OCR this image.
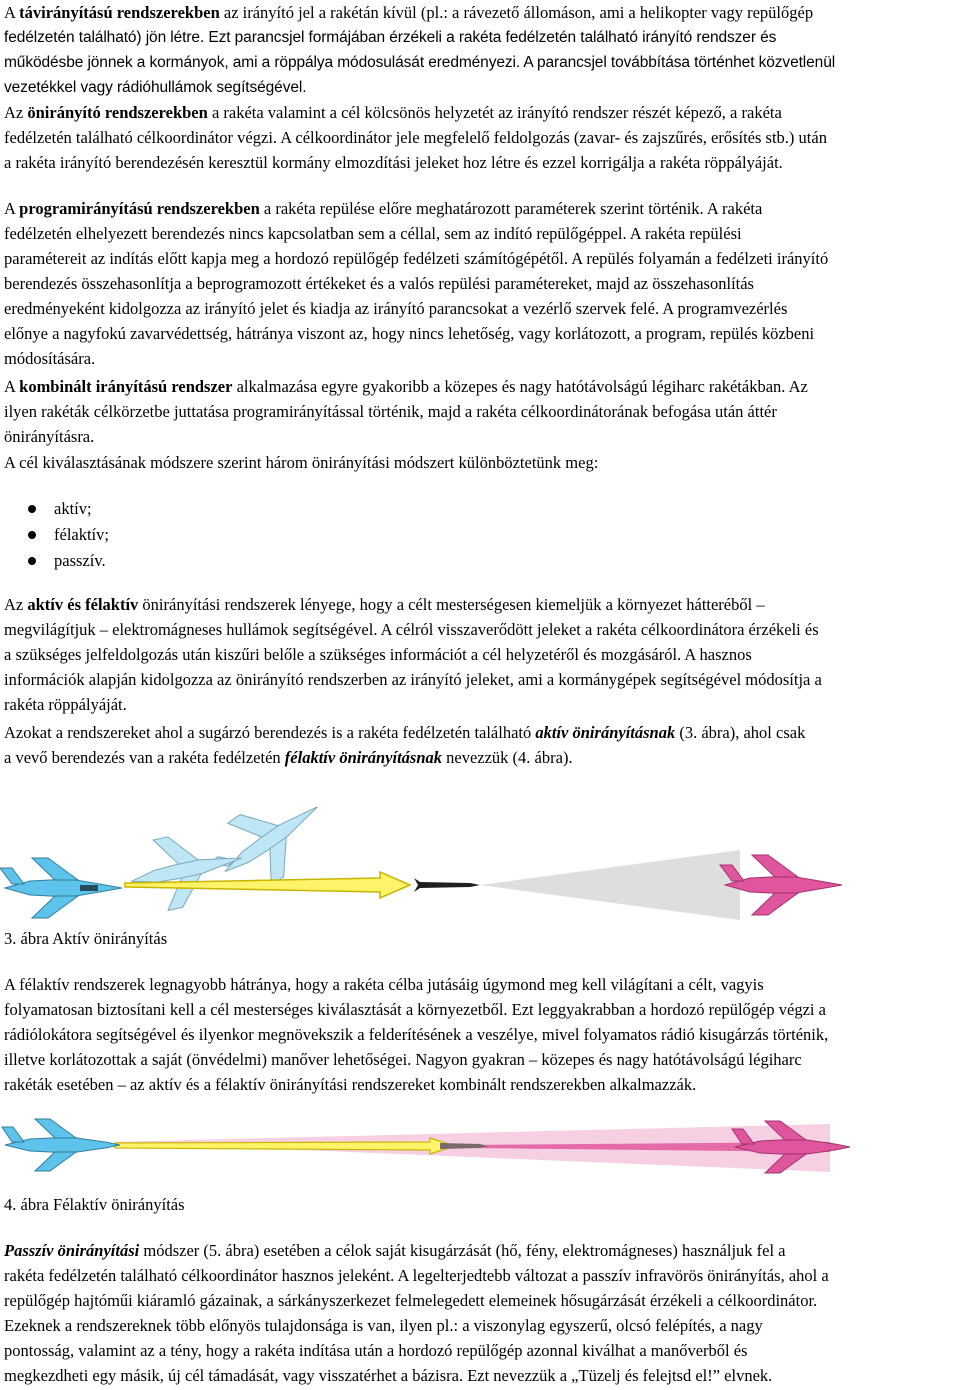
A távirányítású rendszerekben az irányító jel a rakétán kívül (pl.: a rávezető állomáson, ami a helikopter vagy repülőgép
fedélzetén található) jön létre. Ezt parancsjel formájában érzékeli a rakéta fedélzetén található irányító rendszer és
működésbe jönnek a kormányok, ami a röppálya módosulását eredményezi. A parancsjel továbbítása történhet közvetlenül
vezetékkel vagy rádióhullámok segítségével.
Az önirányító rendszerekben a rakéta valamint a cél kölcsönös helyzetét az irányító rendszer részét képező, a rakéta
fedélzetén található célkoordinátor végzi. A célkoordinátor jele megfelelő feldolgozás (zavar- és zajszűrés, erősítés stb.) után
a rakéta irányító berendezésén keresztül kormány elmozdítási jeleket hoz létre és ezzel korrigálja a rakéta röppályáját.
A programirányítású rendszerekben a rakéta repülése előre meghatározott paraméterek szerint történik. A rakéta
fedélzetén elhelyezett berendezés nincs kapcsolatban sem a céllal, sem az indító repülőgéppel. A rakéta repülési
paramétereit az indítás előtt kapja meg a hordozó repülőgép fedélzeti számítógépétől. A repülés folyamán a fedélzeti irányító
berendezés összehasonlítja a beprogramozott értékeket és a valós repülési paramétereket, majd az összehasonlítás
eredményeként kidolgozza az irányító jelet és kiadja az irányító parancsokat a vezérlő szervek felé. A programvezérlés
előnye a nagyfokú zavarvédettség, hátránya viszont az, hogy nincs lehetőség, vagy korlátozott, a program, repülés közbeni
módosítására.
A kombinált irányítású rendszer alkalmazása egyre gyakoribb a közepes és nagy hatótávolságú légiharc rakétákban. Az
ilyen rakéták célkörzetbe juttatása programirányítással történik, majd a rakéta célkoordinátorának befogása után áttér
önirányításra.
A cél kiválasztásának módszere szerint három önirányítási módszert különböztetünk meg:
aktív;
félaktív;
passzív.
Az aktív és félaktív önirányítási rendszerek lényege, hogy a célt mesterségesen kiemeljük a környezet hátteréből –
megvilágítjuk – elektromágneses hullámok segítségével. A célról visszaverődött jeleket a rakéta célkoordinátora érzékeli és
a szükséges jelfeldolgozás után kiszűri belőle a szükséges információt a cél helyzetéről és mozgásáról. A hasznos
információk alapján kidolgozza az önirányító rendszerben az irányító jeleket, ami a kormánygépek segítségével módosítja a
rakéta röppályáját.
Azokat a rendszereket ahol a sugárzó berendezés is a rakéta fedélzetén található aktív önirányításnak (3. ábra), ahol csak
a vevő berendezés van a rakéta fedélzetén félaktív önirányításnak nevezzük (4. ábra).
3. ábra Aktív önirányítás
A félaktív rendszerek legnagyobb hátránya, hogy a rakéta célba jutásáig úgymond meg kell világítani a célt, vagyis
folyamatosan biztosítani kell a cél mesterséges kiválasztását a környezetből. Ezt leggyakrabban a hordozó repülőgép végzi a
rádiólokátora segítségével és ilyenkor megnövekszik a felderítésének a veszélye, mivel folyamatos rádió kisugárzás történik,
illetve korlátozottak a saját (önvédelmi) manőver lehetőségei. Nagyon gyakran – közepes és nagy hatótávolságú légiharc
rakéták esetében – az aktív és a félaktív önirányítási rendszereket kombinált rendszerekben alkalmazzák.
4. ábra Félaktív önirányítás
Passzív önirányítási módszer (5. ábra) esetében a célok saját kisugárzását (hő, fény, elektromágneses) használjuk fel a
rakéta fedélzetén található célkoordinátor hasznos jeleként. A legelterjedtebb változat a passzív infravörös önirányítás, ahol a
repülőgép hajtóműi kiáramló gázainak, a sárkányszerkezet felmelegedett elemeinek hősugárzását érzékeli a célkoordinátor.
Ezeknek a rendszereknek több előnyös tulajdonsága is van, ilyen pl.: a viszonylag egyszerű, olcsó felépítés, a nagy
pontosság, valamint az a tény, hogy a rakéta indítása után a hordozó repülőgép azonnal kiválhat a manőverből és
megkezdheti egy másik, új cél támadását, vagy visszatérhet a bázisra. Ezt nevezzük a „Tüzelj és felejtsd el!” elvnek.
